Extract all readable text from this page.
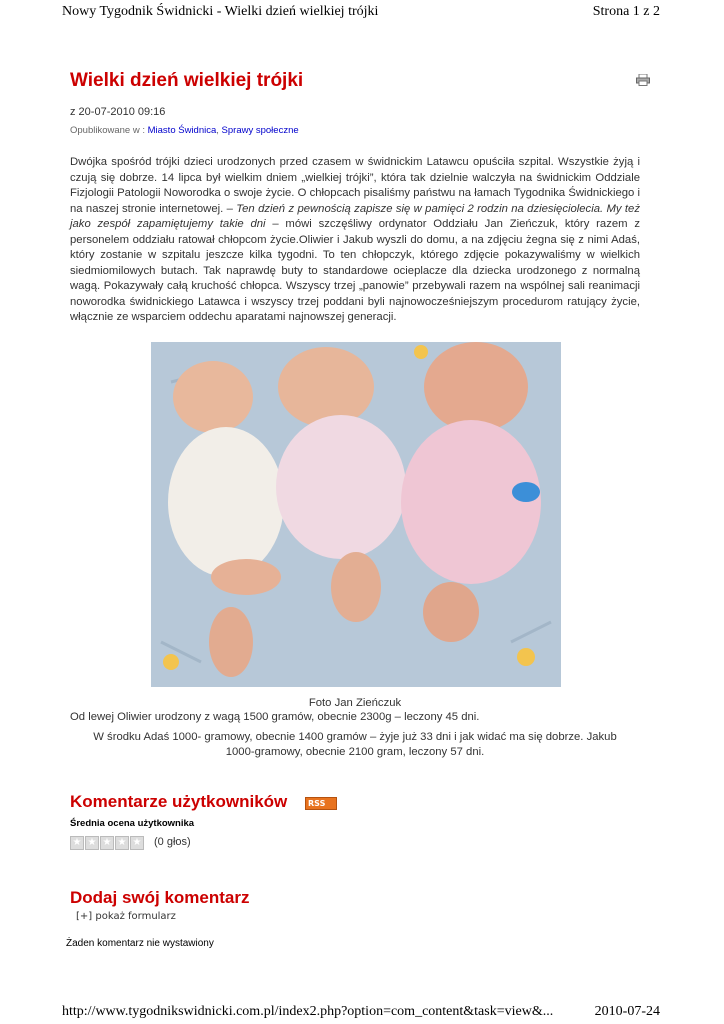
Nowy Tygodnik Świdnicki - Wielki dzień wielkiej trójki	Strona 1 z 2
Wielki dzień wielkiej trójki
z 20-07-2010 09:16
Opublikowane w : Miasto Świdnica, Sprawy społeczne

Dwójka spośród trójki dzieci urodzonych przed czasem w świdnickim Latawcu opuściła szpital. Wszystkie żyją i czują się dobrze. 14 lipca był wielkim dniem „wielkiej trójki”, która tak dzielnie walczyła na świdnickim Oddziale Fizjologii Patologii Noworodka o swoje życie. O chłopcach pisaliśmy państwu na łamach Tygodnika Świdnickiego i na naszej stronie internetowej. – Ten dzień z pewnością zapisze się w pamięci 2 rodzin na dziesięciolecia. My też jako zespół zapamiętujemy takie dni – mówi szczęśliwy ordynator Oddziału Jan Zieńczuk, który razem z personelem oddziału ratował chłopcom życie.Oliwier i Jakub wyszli do domu, a na zdjęciu żegna się z nimi Adaś, który zostanie w szpitalu jeszcze kilka tygodni. To ten chłopczyk, którego zdjęcie pokazywaliśmy w wielkich siedmiomilowych butach. Tak naprawdę buty to standardowe ocieplacze dla dziecka urodzonego z normalną wagą. Pokazywały całą kruchość chłopca. Wszyscy trzej „panowie” przebywali razem na wspólnej sali reanimacji noworodka świdnickiego Latawca i wszyscy trzej poddani byli najnowocześniejszym procedurom ratujący życie, włącznie ze wsparciem oddechu aparatami najnowszej generacji.

Foto Jan Zieńczuk
Od lewej Oliwier urodzony z wagą 1500 gramów, obecnie 2300g – leczony 45 dni.
W środku Adaś 1000- gramowy, obecnie 1400 gramów – żyje już 33 dni i jak widać ma się dobrze. Jakub 1000-gramowy, obecnie 2100 gram, leczony 57 dni.
Komentarze użytkowników	RSS
Średnia ocena użytkownika
★ ★ ★ ★ ★ (0 głos)
Dodaj swój komentarz
[+] pokaż formularz
Żaden komentarz nie wystawiony
http://www.tygodnikswidnicki.com.pl/index2.php?option=com_content&task=view&...	2010-07-24
